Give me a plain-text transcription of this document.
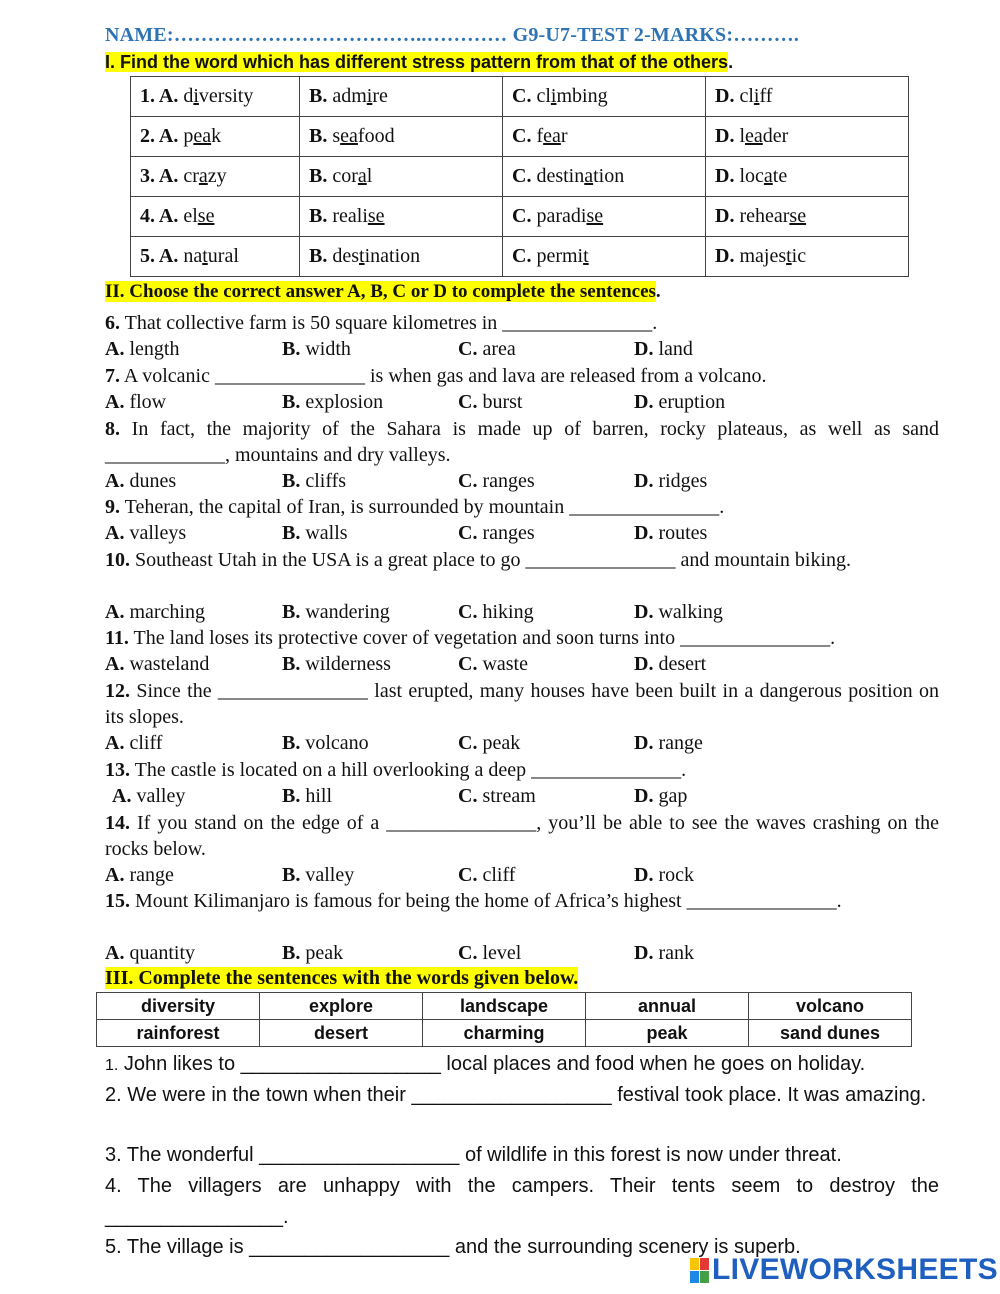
NAME:………………………………..………… G9-U7-TEST 2-MARKS:……….
I. Find the word which has different stress pattern from that of the others.
1. A. diversity	B. admire	C. climbing	D. cliff
2. A. peak	B. seafood	C. fear	D. leader
3. A. crazy	B. coral	C. destination	D. locate
4. A. else	B. realise	C. paradise	D. rehearse
5. A. natural	B. destination	C. permit	D. majestic
II. Choose the correct answer A, B, C or D to complete the sentences.
6. That collective farm is 50 square kilometres in _______________.
A. length	B. width	C. area	D. land
7. A volcanic _______________ is when gas and lava are released from a volcano.
A. flow	B. explosion	C. burst	D. eruption
8. In fact, the majority of the Sahara is made up of barren, rocky plateaus, as well as sand ____________, mountains and dry valleys.
A. dunes	B. cliffs	C. ranges	D. ridges
9. Teheran, the capital of Iran, is surrounded by mountain _______________.
A. valleys	B. walls	C. ranges	D. routes
10. Southeast Utah in the USA is a great place to go _______________ and mountain biking.
A. marching	B. wandering	C. hiking	D. walking
11. The land loses its protective cover of vegetation and soon turns into _______________.
A. wasteland	B. wilderness	C. waste	D. desert
12. Since the _______________ last erupted, many houses have been built in a dangerous position on its slopes.
A. cliff	B. volcano	C. peak	D. range
13. The castle is located on a hill overlooking a deep _______________.
A. valley	B. hill	C. stream	D. gap
14. If you stand on the edge of a _______________, you’ll be able to see the waves crashing on the rocks below.
A. range	B. valley	C. cliff	D. rock
15. Mount Kilimanjaro is famous for being the home of Africa’s highest _______________.
A. quantity	B. peak	C. level	D. rank
III. Complete the sentences with the words given below.
diversity	explore	landscape	annual	volcano
rainforest	desert	charming	peak	sand dunes
1. John likes to __________________ local places and food when he goes on holiday.
2. We were in the town when their __________________ festival took place. It was amazing.
3. The wonderful __________________ of wildlife in this forest is now under threat.
4. The villagers are unhappy with the campers. Their tents seem to destroy the ________________.
5. The village is __________________ and the surrounding scenery is superb.
LIVEWORKSHEETS
